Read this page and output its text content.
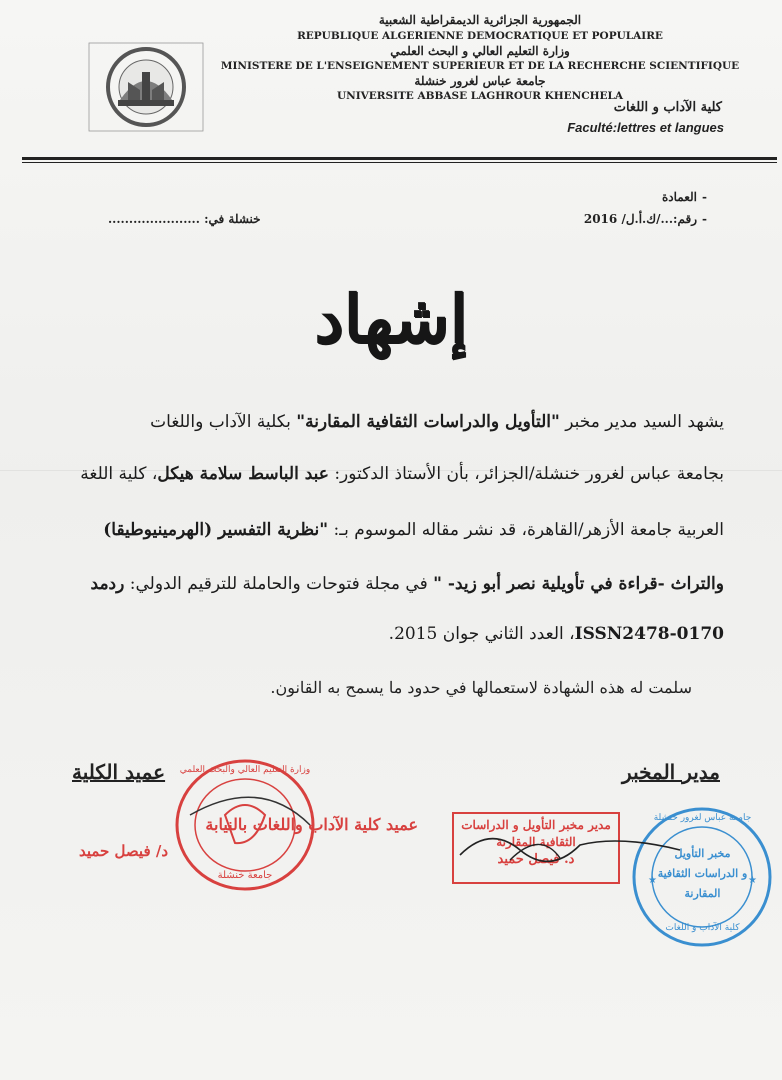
الجمهورية الجزائرية الديمقراطية الشعبية
REPUBLIQUE ALGERIENNE DEMOCRATIQUE ET POPULAIRE
وزارة التعليم العالي و البحث العلمي
MINISTERE DE L'ENSEIGNEMENT SUPERIEUR ET DE LA RECHERCHE SCIENTIFIQUE
جامعة عباس لغرور خنشلة
UNIVERSITE ABBASE LAGHROUR KHENCHELA
كلية الآداب و اللغات
Faculté:lettres et langues
العمادة -
رقم:.../ك.أ.ل/ 2016 -
خنشلة في: ......................
إشهاد
يشهد السيد مدير مخبر "التأويل والدراسات الثقافية المقارنة" بكلية الآداب واللغات
بجامعة عباس لغرور خنشلة/الجزائر، بأن الأستاذ الدكتور: عبد الباسط سلامة هيكل، كلية اللغة
العربية جامعة الأزهر/القاهرة، قد نشر مقاله الموسوم بـ: "نظرية التفسير (الهرمينيوطيقا)
والتراث -قراءة في تأويلية نصر أبو زيد- " في مجلة فتوحات والحاملة للترقيم الدولي: ردمد
ISSN2478-0170، العدد الثاني جوان 2015.
سلمت له هذه الشهادة لاستعمالها في حدود ما يسمح به القانون.
عميد الكلية	مدير المخبر
عميد كلية الآداب واللغات بالنيابة
د/ فيصل حميد
وزارة التعليم العالي والبحث العلمي
جامعة خنشلة
مدير مخبر التأويل و الدراسات
الثقافية المقارنة
د. فيصل حميد
★	★
جامعة عباس لغرور خنشلة
مخبر التأويل
و الدراسات الثقافية
المقارنة
كلية الآداب و اللغات
